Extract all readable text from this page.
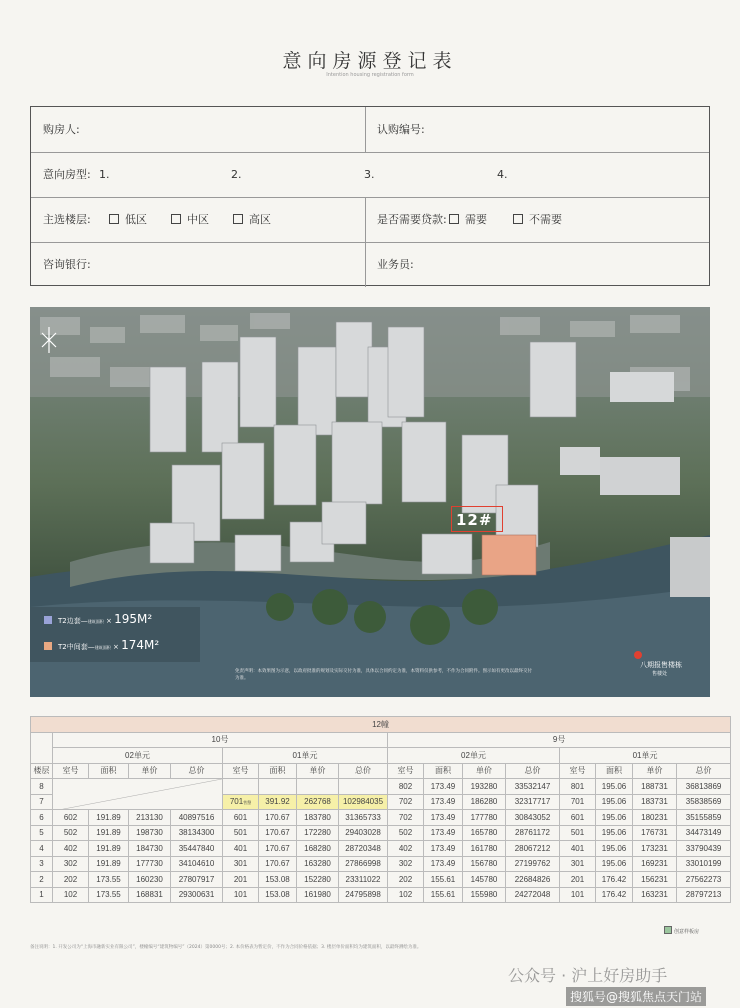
意向房源登记表
Intention housing registration form
购房人:	认购编号:
意向房型: 1.	2.	3.	4.
主选楼层:	低区	中区	高区	是否需要贷款:	需要	不需要
咨询银行:	业务员:
T2边套—建筑面积 × 195M²
T2中间套—建筑面积 × 174M²
12#
八期报售楼栋
售楼处
免责声明：本效果图为示意，以政府批准的规划及实际交付为准，具体以合同约定为准，本资料仅供参考，不作为合同附件。图示如有更改以最终交付为准。
12幢																
	10号								9号							
	02单元				01单元				02单元				01单元			
楼层	室号	面积	单价	总价	室号	面积	单价	总价	室号	面积	单价	总价	室号	面积	单价	总价
8									802	173.49	193280	33532147	801	195.06	188731	36813869
7					701售罄	391.92	262768	102984035	702	173.49	186280	32317717	701	195.06	183731	35838569
6	602	191.89	213130	40897516	601	170.67	183780	31365733	702	173.49	177780	30843052	601	195.06	180231	35155859
5	502	191.89	198730	38134300	501	170.67	172280	29403028	502	173.49	165780	28761172	501	195.06	176731	34473149
4	402	191.89	184730	35447840	401	170.67	168280	28720348	402	173.49	161780	28067212	401	195.06	173231	33790439
3	302	191.89	177730	34104610	301	170.67	163280	27866998	302	173.49	156780	27199762	301	195.06	169231	33010199
2	202	173.55	160230	27807917	201	153.08	152280	23311022	202	155.61	145780	22684826	201	176.42	156231	27562273
1	102	173.55	168831	29300631	101	153.08	161980	24795898	102	155.61	155980	24272048	101	176.42	163231	28797213
创意样板房
备注说明：1. 开发公司为“上海市融新实业有限公司”，楼幢编号“建筑物编号”（2024）第0000号；2. 本价格表为暂定价，不作为合同价格依据；3. 楼层单价面积均为建筑面积，以最终测绘为准。
公众号 · 沪上好房助手
搜狐号@搜狐焦点天门站
